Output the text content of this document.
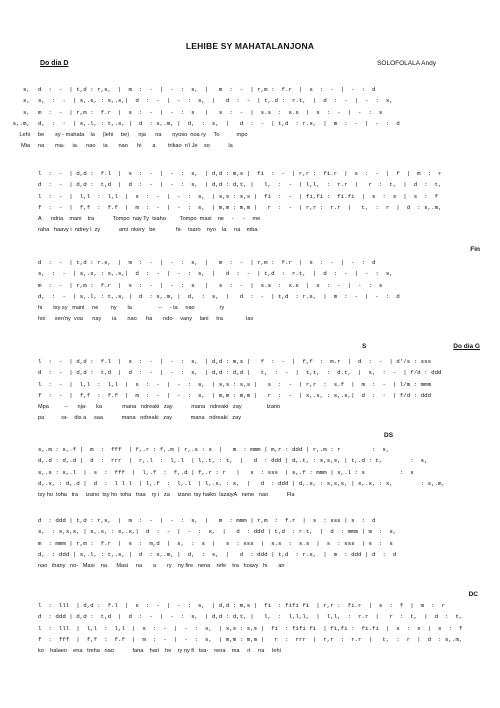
LEHIBE SY MAHATALANJONA
Do dia D	SOLOFOLALA Andy
Fin
S	Do dia G
DS
DC
s, d  :  -  | t,d : r,s,  |  m  :  -  |  -  :  s,  |   m  :  -  | r,m :  f.r  |  s  :  -  |  -  :  d
s, s,  :  -  | s,.s, : s,.s,|  d  :  -  |  -  :  s,  |   d  :  -  | t,.d :  r.t,  |  d  :  -  |  -  :  s,
s, m  :  -  | r,m :  f.r  |  s  :  -  |  -  :  s   |   s  :  -  |  s.s  :  s.s  |  s  :  -  |  -  :  s
s,.m, d,  :  -  | s,.l, : t,.s, |  d  : s,.m, |  d,  :  s,  |   d  :  -  | t,d  : r.s,  |  m  :  -  |  -  :  d
Lehi be       sy - mahata    la     (lehi     be)      nja      na       nyoso  noa ry     To           mpo
Mia na       ma-     ia      nao     ia       nao      hi       a        trikao  n'i Je    so            la
l  :  -  | d,d :  f.l  |  s  :  -  |  -  :  s,  | d,d : m,s |  fi  :  -  | r,r :  fi.r  |  s  :  -  |  f  |  m  :  r
d  :  -  | d,d :  t,d  |  d  :  -  |  -  :  s,  | d,d : d,t, |   l,  :  -  | l,l,  :  r.r  |   r  :  t,  |  d  :  t,
l  :  -  |  l,l  :  l,l  |  s  :  -  |  -  :  s,  | s,s : s,s |  fi  :  -  | fi,fi :  fi.fi  |  s  :  s  |  s  :  f
f  :  -  |  f,f  :  f.f  |  m  :  -  |  -  :  s,  | m,m : m,m |   r  :  -  | r,r :  r.r  |   t,  :  r  |  d  : s,.m,
A      ndria    mani    tra            Tompo  nay Ty  tsaho         Tompo  masi    ne     -      -     me
raha   haavy i  ndrey l  zy            ami  nkery   be             hi-    tsaro    nyo    la     na    mba
d  :  -  | t,d : r.s,  |  m  :  -  |  -  :  s,  |   m  :  -  | r,m :  f.r  |  s  :  -  |  -  :  d
s,  :  -  | s,.s, : s,.s,|  d  :  -  |  -  :  s,  |   d  :  -  | t,d  :  r.t,  |  d  :  -  |  -  :  s,
m  :  -  | r,m :  f.r  |  s  :  -  |  -  :  s   |   s  :  -  |  s.s  :  s.s  |  s  :  -  |  -  :  s
d,  :  -  | s,.l, : t,.s, |  d  : s,.m, |  d,  :  s,  |   d  :  -  | t,d  : r.s,  |  m  :  -  |  -  :  d
hi       tsy sy   mani     ne        ny       la                 --     - la     nao                ry
hoi      sen'ny  voa      nay       ia       nao      ha       ndo     vany     lani     tra               lav
l  :  -  | d,d :  f.l  |  s  :  -  |  -  :  s,  | d,d : m,s |   f  :  -  |  f,f  :  m.r  |  d  :  -  | d'/s : sss
d  :  -  | d,d :  t,d  |  d  :  -  |  -  :  s,  | d,d : d,d |   t,  :  -  |  t,t,  :  d.t,  |  s,  :  -  | f/d : ddd
l  :  -  |  l,l  :  l,l  |  s  :  -  |  -  :  s,  | s,s : s,s |   s  :  -  | r,r  :  s.f  |  m  :  -  | l/m : mmm
f  :  -  |  f,f  :  f.f  |  m  :  -  |  -  :  s,  | m,m : m,m |   r  :  -  | s,.s, : s,.s,|  d  :  -  | f/d : ddd
Mpa          --      nja-      ka             mana   ndreaki   zay            mana   ndreaki   zay                Izano
pa           ra-    dis a     saa            mana   ndreaki   zay            mana   ndreaki   zay
s,.m : s,.f |  m  :  fff  | f,.r : f,.m | r,.s : s  |   m  : mmm | m,r : ddd | r,.m : r         :  s,
d,.d : d,.d |  d  :  rrr  |  r,.l  :  l,.l  | l,.t, : t,  |   d  : ddd | d,.t, : s,s,s, | t,.d : t,        :  s,
s,.s : s,.l  |  s  :  fff  |  l,.f  :  f,.d | f,.r : r   |   s  : sss  | s,.f : mmm | s,.l : s          :  s
d,.s, : d,.d |  d  :  l l l  | l,.f  :  l,.l  | l,.s, : s,  |   d  : ddd | d,.s, : s,s,s, | s,.s, : s,        : s,.m,
tsy ho  toha   tra     izano  tsy ho  toha   traa    ry i   za     izano  tsy haiko  lazaiyA   nene   nao            Fla
d  : ddd | t,d : r,s,  |  m  :  -  |  -  :  s,  |   m  : mmm | r,m  :  f.r  |  s  : sss | s  :  d
s,  : s,s,s, | s,.s, : s,.s,|  d  :  -  |  -  :  s,  |   d  : ddd | t,d  : r.t,  |  d  : mmm | m  :  s,
m  : mmm | r,m :  f.r  |  s  :  m,d  |  s,  :  s  |   s  : sss  |  s.s  :  s.s  |  s  : sss  | s  :  s
d,  : ddd | s,.l, : t,.s, |  d  : s,.m, |  d,  :  s,  |   d  : ddd | t,d  : r.s,  |  m  : ddd | d  :  d
nao   ihany   no-   Masi    na      Masi     na       a       ry    ny fire   nena    refe    tra   hoavy   hi       an
l  :  lll  | d,d :  f.l  |  s  :  -  |  -  :  s,  | d,d : m,s |  fi  : fifi fi  | r,r :  fi.r  |  s  :  f  |  m  :  r
d  : ddd | d,d :  t,d  |  d  :  -  |  -  :  s,  | d,d : d,t, |   l,  :  l,l,l,  |  l,l,  :  r.r  |   r  :  t,  |  d  :  t,
l  :  lll  |  l,l  :  l,l  |  s  :  -  |  -  :  s,  | s,s : s,s |  fi  : fifi fi  | fi,fi :  fi.fi  |  s  :  s  |  s  :  f
f  :  fff  |  f,f  :  f.f  |  m  :  -  |  -  :  s,  | m,m : m,m |   r  :  rrr  |  r,r  :  r.r  |   t,  :  r  |  d  : s,.m,
ko    halaeo    ena   treha   nao            fana    hari    he    ry ny fi   tsa-    rena    ma     ri     na     lehi
